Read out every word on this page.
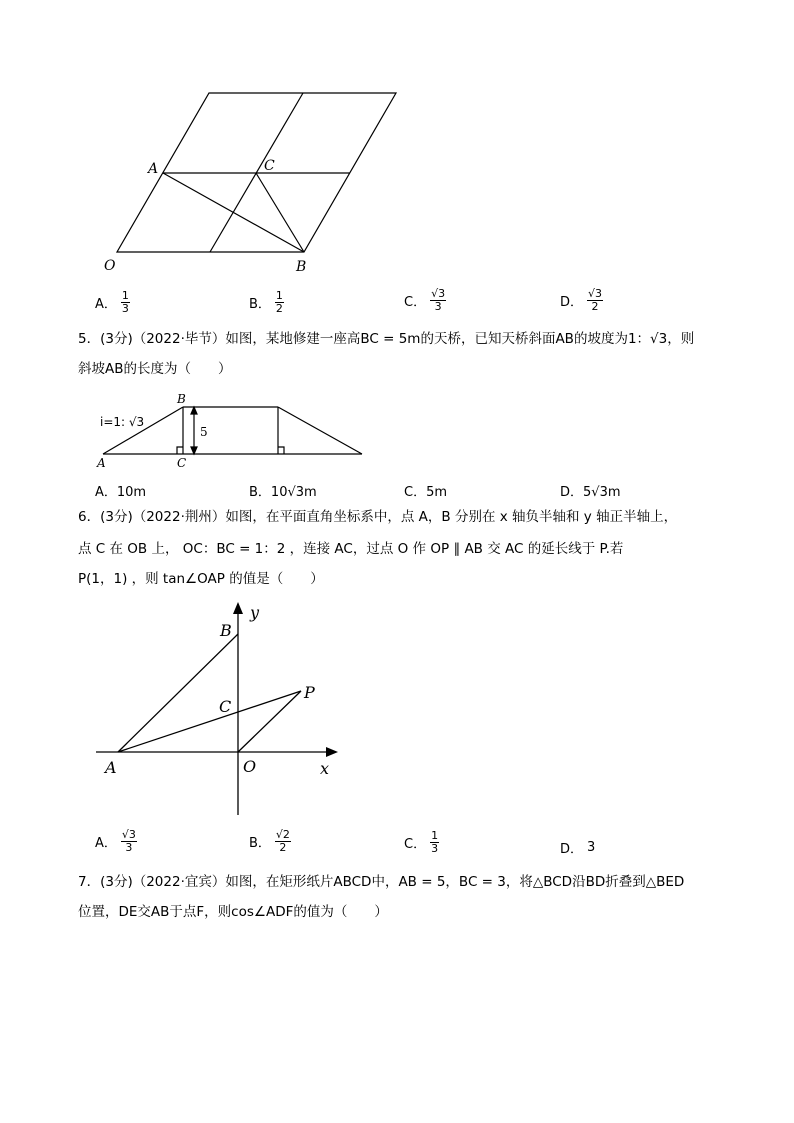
A	C
O	B
A． $\frac{1}{3}$	B． $\frac{1}{2}$	C． $\frac{√3}{3}$	D． $\frac{√3}{2}$
5．(3分)（2022·毕节）如图，某地修建一座高BC = 5m的天桥，已知天桥斜面AB的坡度为1：√3，则
斜坡AB的长度为（　　）
i=1: √3
5
B
A	C
A．10m	B．10√3m	C．5m	D．5√3m
6．(3分)（2022·荆州）如图，在平面直角坐标系中，点 A，B 分别在 x 轴负半轴和 y 轴正半轴上，
点 C 在 OB 上， OC：BC = 1：2 ，连接 AC，过点 O 作 OP ∥ AB 交 AC 的延长线于 P.若
P(1，1) ，则 tan∠OAP 的值是（　　）
y
x
B
C
P
A	O
A． $\frac{√3}{3}$	B． $\frac{√2}{2}$	C． $\frac{1}{3}$	D． 3
7．(3分)（2022·宜宾）如图，在矩形纸片ABCD中，AB = 5，BC = 3，将△BCD沿BD折叠到△BED
位置，DE交AB于点F，则cos∠ADF的值为（　　）
